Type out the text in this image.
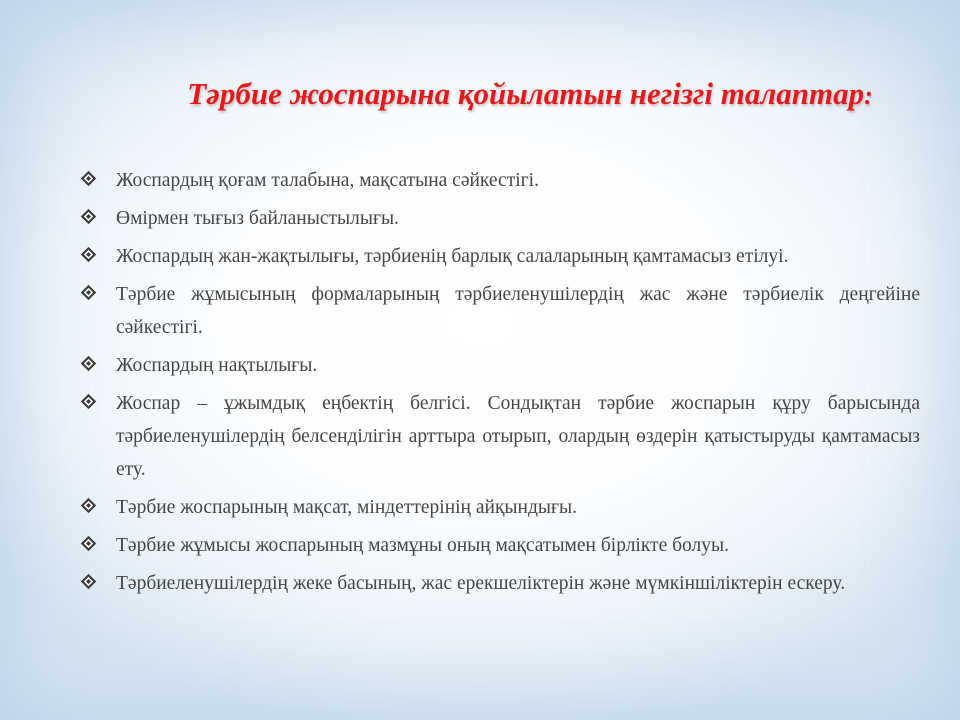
Тәрбие жоспарына қойылатын негізгі талаптар:
Жоспардың қоғам талабына, мақсатына сәйкестігі.
Өмірмен тығыз байланыстылығы.
Жоспардың жан-жақтылығы, тәрбиенің барлық салаларының қамтамасыз етілуі.
Тәрбие жұмысының формаларының тәрбиеленушілердің жас және тәрбиелік деңгейіне сәйкестігі.
Жоспардың нақтылығы.
Жоспар – ұжымдық еңбектің белгісі. Сондықтан тәрбие жоспарын құру барысында тәрбиеленушілердің белсенділігін арттыра отырып, олардың өздерін қатыстыруды қамтамасыз ету.
Тәрбие жоспарының мақсат, міндеттерінің айқындығы.
Тәрбие жұмысы жоспарының мазмұны оның мақсатымен бірлікте болуы.
Тәрбиеленушілердің жеке басының, жас ерекшеліктерін және мүмкіншіліктерін ескеру.
